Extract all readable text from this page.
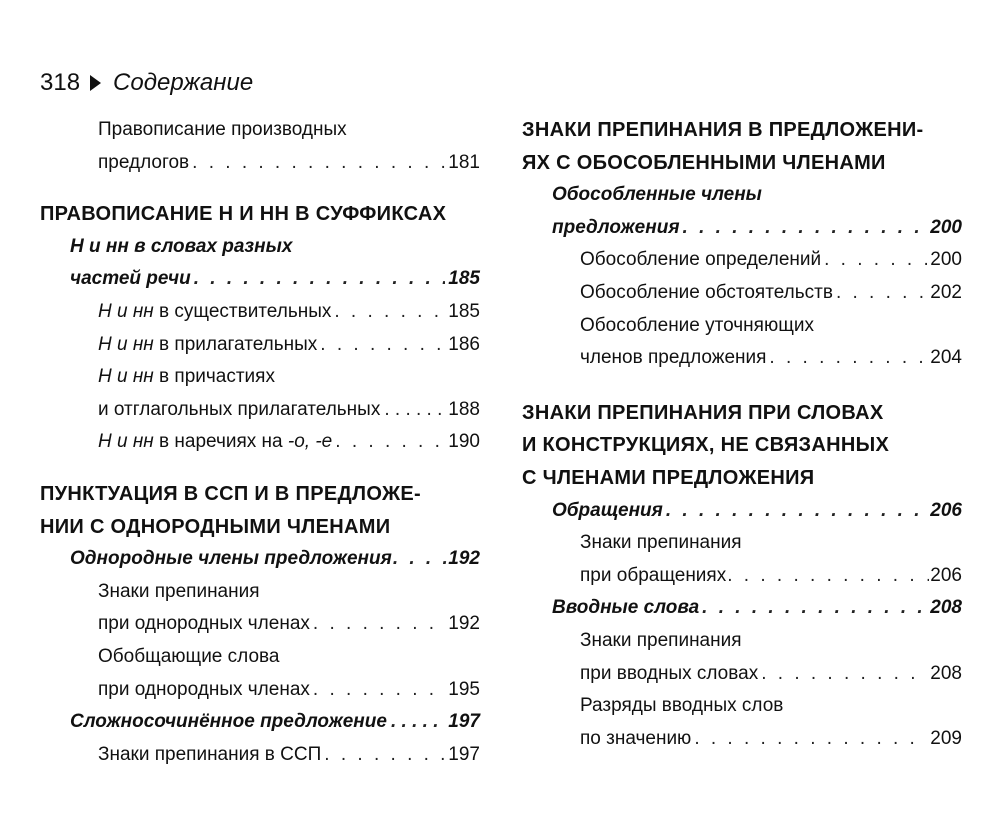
318 Содержание
Правописание производных
предлогов . . .	181
ПРАВОПИСАНИЕ Н И НН В СУФФИКСАХ
Н и нн в словах разных
частей речи . . .	185
Н и нн в существительных . . .	185
Н и нн в прилагательных . . .	186
Н и нн в причастиях
и отглагольных прилагательных . . .	188
Н и нн в наречиях на -о, -е . . .	190
ПУНКТУАЦИЯ В ССП И В ПРЕДЛОЖЕ-
НИИ С ОДНОРОДНЫМИ ЧЛЕНАМИ
Однородные члены предложения . . .	192
Знаки препинания
при однородных членах . . .	192
Обобщающие слова
при однородных членах . . .	195
Сложносочинённое предложение . . .	197
Знаки препинания в ССП . . .	197
ЗНАКИ ПРЕПИНАНИЯ В ПРЕДЛОЖЕНИ-
ЯХ С ОБОСОБЛЕННЫМИ ЧЛЕНАМИ
Обособленные члены
предложения . . .	200
Обособление определений . . .	200
Обособление обстоятельств . . .	202
Обособление уточняющих
членов предложения . . .	204
ЗНАКИ ПРЕПИНАНИЯ ПРИ СЛОВАХ
И КОНСТРУКЦИЯХ, НЕ СВЯЗАННЫХ
С ЧЛЕНАМИ ПРЕДЛОЖЕНИЯ
Обращения . . .	206
Знаки препинания
при обращениях . . .	206
Вводные слова . . .	208
Знаки препинания
при вводных словах . . .	208
Разряды вводных слов
по значению . . .	209
